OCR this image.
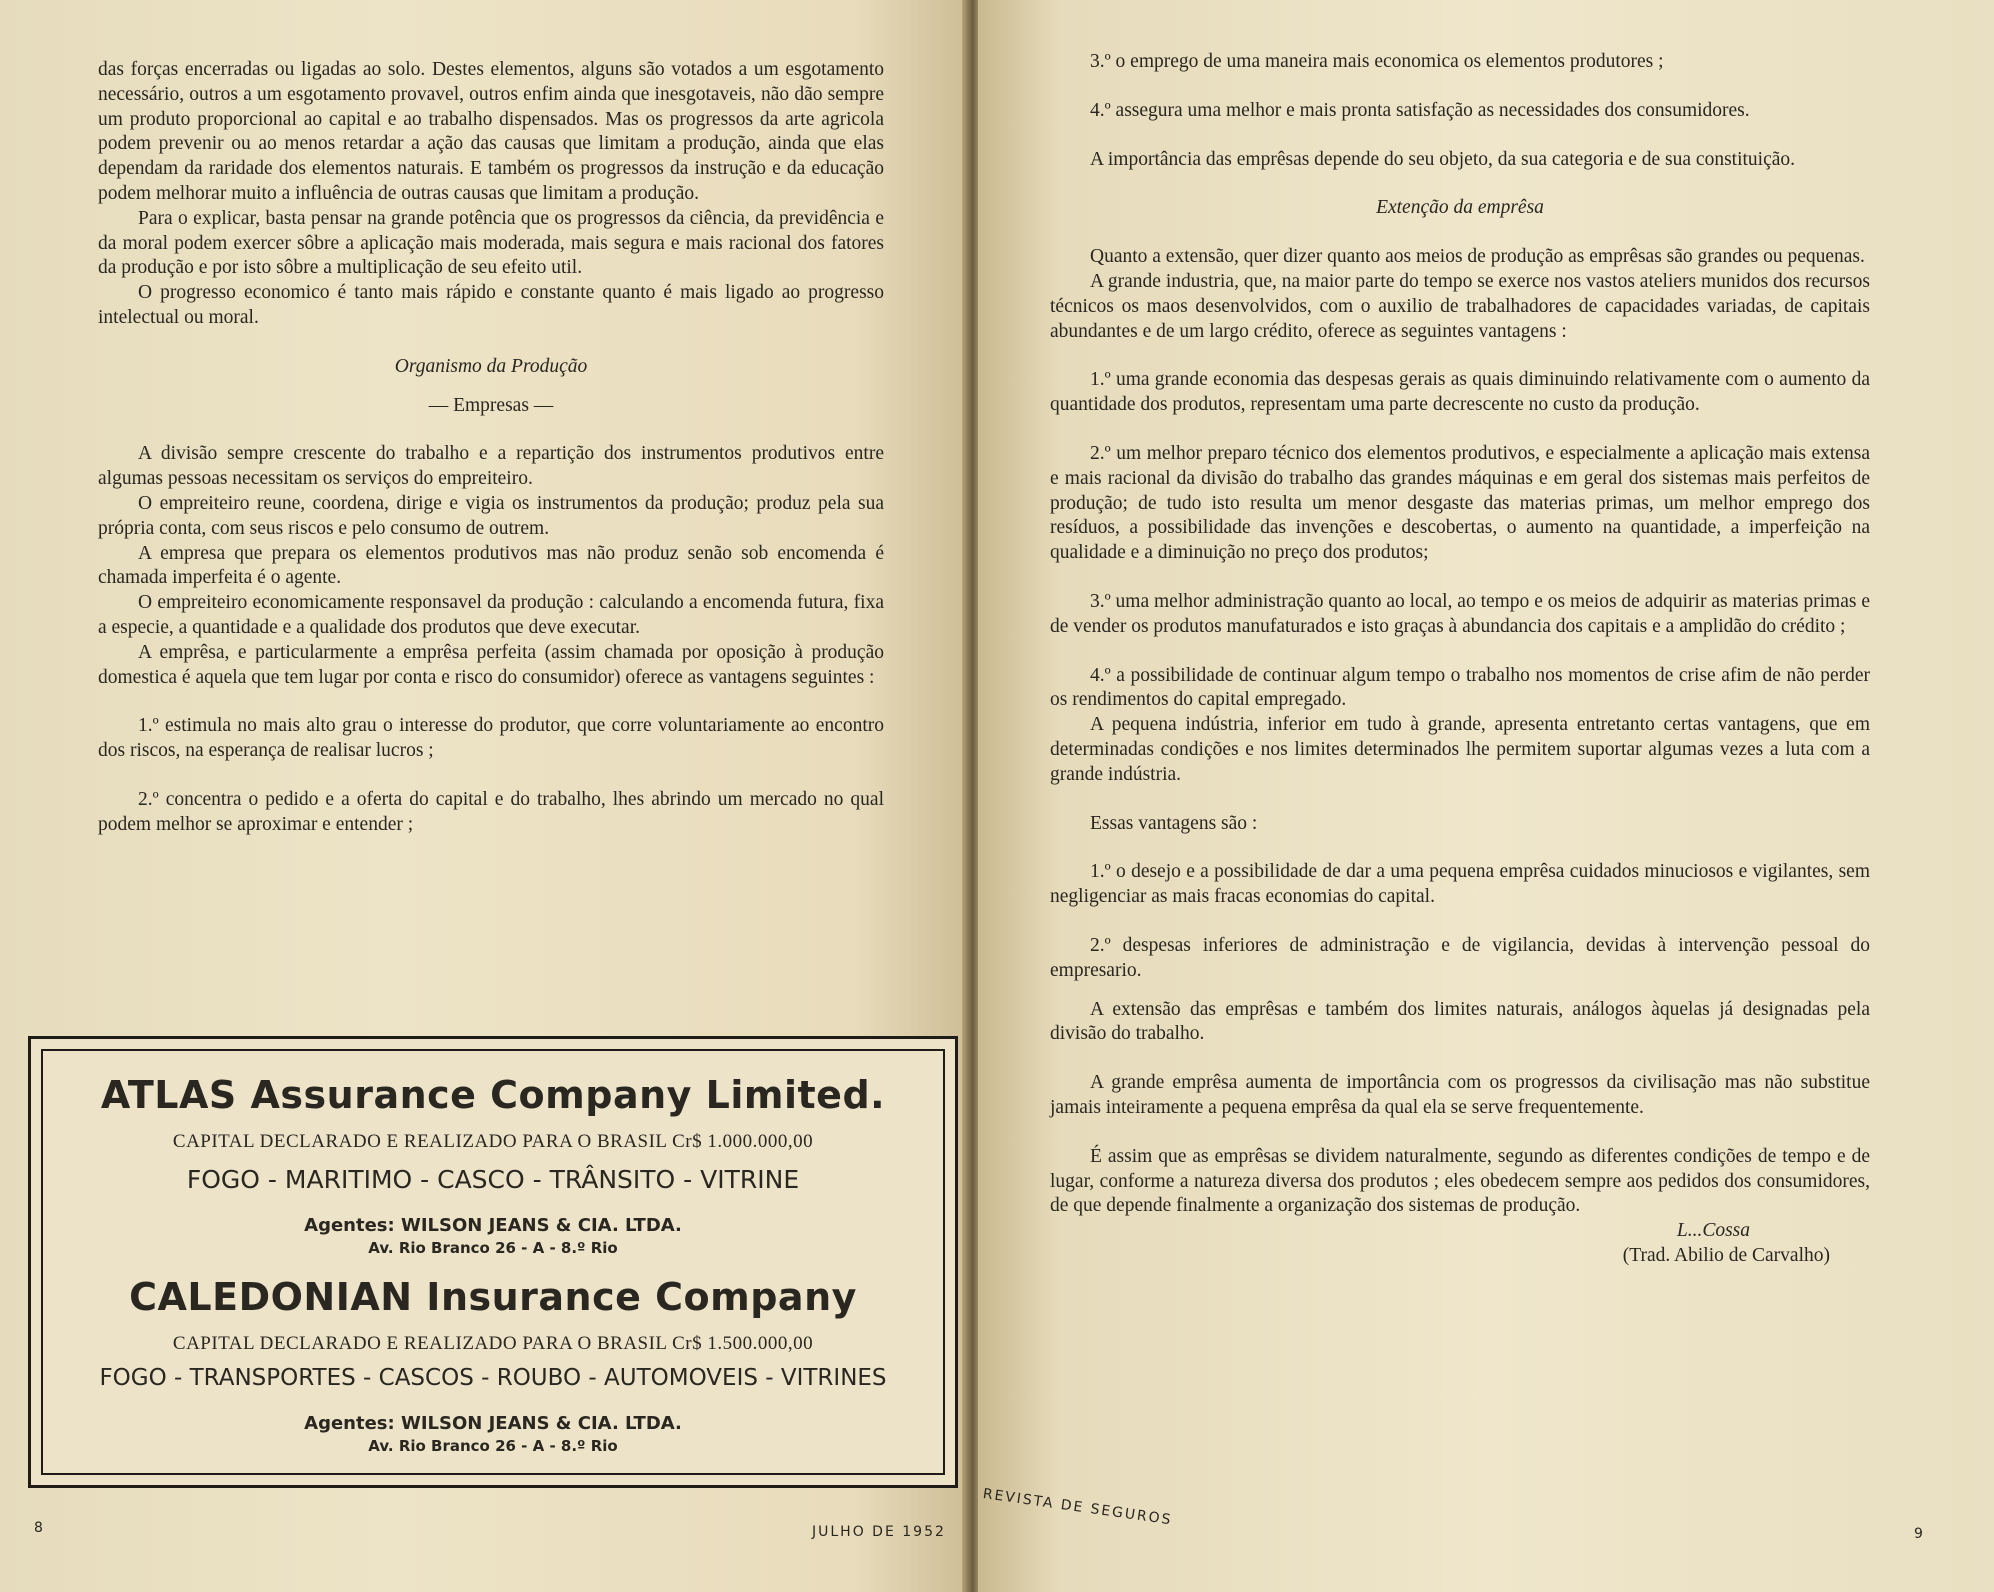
das forças encerradas ou ligadas ao solo. Destes elementos, alguns são votados a um esgotamento necessário, outros a um esgotamento provavel, outros enfim ainda que inesgotaveis, não dão sempre um produto proporcional ao capital e ao trabalho dispensados. Mas os progressos da arte agricola podem prevenir ou ao menos retardar a ação das causas que limitam a produção, ainda que elas dependam da raridade dos elementos naturais. E também os progressos da instrução e da educação podem melhorar muito a influência de outras causas que limitam a produção.

Para o explicar, basta pensar na grande potência que os progressos da ciência, da previdência e da moral podem exercer sôbre a aplicação mais moderada, mais segura e mais racional dos fatores da produção e por isto sôbre a multiplicação de seu efeito util.

O progresso economico é tanto mais rápido e constante quanto é mais ligado ao progresso intelectual ou moral.

Organismo da Produção

— Empresas —

A divisão sempre crescente do trabalho e a repartição dos instrumentos produtivos entre algumas pessoas necessitam os serviços do empreiteiro.

O empreiteiro reune, coordena, dirige e vigia os instrumentos da produção; produz pela sua própria conta, com seus riscos e pelo consumo de outrem.

A empresa que prepara os elementos produtivos mas não produz senão sob encomenda é chamada imperfeita é o agente.

O empreiteiro economicamente responsavel da produção : calculando a encomenda futura, fixa a especie, a quantidade e a qualidade dos produtos que deve executar.

A emprêsa, e particularmente a emprêsa perfeita (assim chamada por oposição à produção domestica é aquela que tem lugar por conta e risco do consumidor) oferece as vantagens seguintes :

1.º estimula no mais alto grau o interesse do produtor, que corre voluntariamente ao encontro dos riscos, na esperança de realisar lucros ;

2.º concentra o pedido e a oferta do capital e do trabalho, lhes abrindo um mercado no qual podem melhor se aproximar e entender ;

ATLAS Assurance Company Limited.
CAPITAL DECLARADO E REALIZADO PARA O BRASIL Cr$ 1.000.000,00
FOGO - MARITIMO - CASCO - TRÂNSITO - VITRINE
Agentes: WILSON JEANS & CIA. LTDA.
Av. Rio Branco 26 - A - 8.º Rio
CALEDONIAN Insurance Company
CAPITAL DECLARADO E REALIZADO PARA O BRASIL Cr$ 1.500.000,00
FOGO - TRANSPORTES - CASCOS - ROUBO - AUTOMOVEIS - VITRINES
Agentes: WILSON JEANS & CIA. LTDA.
Av. Rio Branco 26 - A - 8.º Rio
8	JULHO DE 1952

3.º o emprego de uma maneira mais economica os elementos produtores ;

4.º assegura uma melhor e mais pronta satisfação as necessidades dos consumidores.

A importância das emprêsas depende do seu objeto, da sua categoria e de sua constituição.

Extenção da emprêsa

Quanto a extensão, quer dizer quanto aos meios de produção as emprêsas são grandes ou pequenas.

A grande industria, que, na maior parte do tempo se exerce nos vastos ateliers munidos dos recursos técnicos os maos desenvolvidos, com o auxilio de trabalhadores de capacidades variadas, de capitais abundantes e de um largo crédito, oferece as seguintes vantagens :

1.º uma grande economia das despesas gerais as quais diminuindo relativamente com o aumento da quantidade dos produtos, representam uma parte decrescente no custo da produção.

2.º um melhor preparo técnico dos elementos produtivos, e especialmente a aplicação mais extensa e mais racional da divisão do trabalho das grandes máquinas e em geral dos sistemas mais perfeitos de produção; de tudo isto resulta um menor desgaste das materias primas, um melhor emprego dos resíduos, a possibilidade das invenções e descobertas, o aumento na quantidade, a imperfeição na qualidade e a diminuição no preço dos produtos;

3.º uma melhor administração quanto ao local, ao tempo e os meios de adquirir as materias primas e de vender os produtos manufaturados e isto graças à abundancia dos capitais e a amplidão do crédito ;

4.º a possibilidade de continuar algum tempo o trabalho nos momentos de crise afim de não perder os rendimentos do capital empregado.

A pequena indústria, inferior em tudo à grande, apresenta entretanto certas vantagens, que em determinadas condições e nos limites determinados lhe permitem suportar algumas vezes a luta com a grande indústria.

Essas vantagens são :

1.º o desejo e a possibilidade de dar a uma pequena emprêsa cuidados minuciosos e vigilantes, sem negligenciar as mais fracas economias do capital.

2.º despesas inferiores de administração e de vigilancia, devidas à intervenção pessoal do empresario.

A extensão das emprêsas e também dos limites naturais, análogos àquelas já designadas pela divisão do trabalho.

A grande emprêsa aumenta de importância com os progressos da civilisação mas não substitue jamais inteiramente a pequena emprêsa da qual ela se serve frequentemente.

É assim que as emprêsas se dividem naturalmente, segundo as diferentes condições de tempo e de lugar, conforme a natureza diversa dos produtos ; eles obedecem sempre aos pedidos dos consumidores, de que depende finalmente a organização dos sistemas de produção.

L...Cossa

(Trad. Abilio de Carvalho)

REVISTA DE SEGUROS
9
